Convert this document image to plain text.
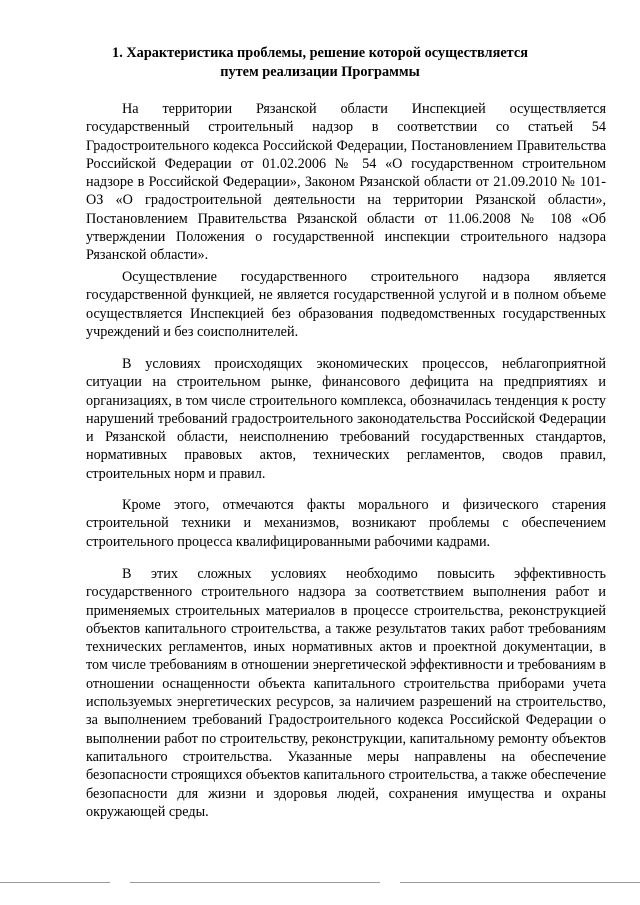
1. Характеристика проблемы, решение которой осуществляется
путем реализации Программы

На территории Рязанской области Инспекцией осуществляется государственный строительный надзор в соответствии со статьей 54 Градостроительного кодекса Российской Федерации, Постановлением Правительства Российской Федерации от 01.02.2006 № 54 «О государственном строительном надзоре в Российской Федерации», Законом Рязанской области от 21.09.2010 № 101-ОЗ «О градостроительной деятельности на территории Рязанской области», Постановлением Правительства Рязанской области от 11.06.2008 № 108 «Об утверждении Положения о государственной инспекции строительного надзора Рязанской области».

Осуществление государственного строительного надзора является государственной функцией, не является государственной услугой и в полном объеме осуществляется Инспекцией без образования подведомственных государственных учреждений и без соисполнителей.

В условиях происходящих экономических процессов, неблагоприятной ситуации на строительном рынке, финансового дефицита на предприятиях и организациях, в том числе строительного комплекса, обозначилась тенденция к росту нарушений требований градостроительного законодательства Российской Федерации и Рязанской области, неисполнению требований государственных стандартов, нормативных правовых актов, технических регламентов, сводов правил, строительных норм и правил.

Кроме этого, отмечаются факты морального и физического старения строительной техники и механизмов, возникают проблемы с обеспечением строительного процесса квалифицированными рабочими кадрами.

В этих сложных условиях необходимо повысить эффективность государственного строительного надзора за соответствием выполнения работ и применяемых строительных материалов в процессе строительства, реконструкцией объектов капитального строительства, а также результатов таких работ требованиям технических регламентов, иных нормативных актов и проектной документации, в том числе требованиям в отношении энергетической эффективности и требованиям в отношении оснащенности объекта капитального строительства приборами учета используемых энергетических ресурсов, за наличием разрешений на строительство, за выполнением требований Градостроительного кодекса Российской Федерации о выполнении работ по строительству, реконструкции, капитальному ремонту объектов капитального строительства. Указанные меры направлены на обеспечение безопасности строящихся объектов капитального строительства, а также обеспечение безопасности для жизни и здоровья людей, сохранения имущества и охраны окружающей среды.
